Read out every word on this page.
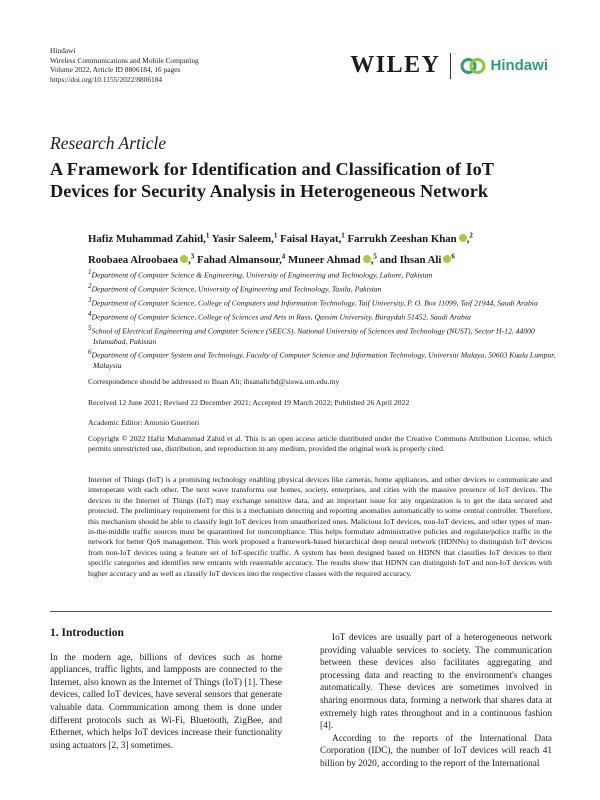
Hindawi
Wireless Communications and Mobile Computing
Volume 2022, Article ID 8806184, 16 pages
https://doi.org/10.1155/2022/8806184
WILEY	Hindawi
Research Article
A Framework for Identification and Classification of IoT Devices for Security Analysis in Heterogeneous Network
Hafiz Muhammad Zahid,$^1$ Yasir Saleem,$^1$ Faisal Hayat,$^1$ Farrukh Zeeshan Khan ,$^2$
Roobaea Alroobaea ,$^3$ Fahad Almansour,$^4$ Muneer Ahmad ,$^5$ and Ihsan Ali $^6$
$^1$Department of Computer Science & Engineering, University of Engineering and Technology, Lahore, Pakistan
$^2$Department of Computer Science, University of Engineering and Technology, Taxila, Pakistan
$^3$Department of Computer Science, College of Computers and Information Technology, Taif University, P. O. Box 11099, Taif 21944, Saudi Arabia
$^4$Department of Computer Science, College of Sciences and Arts in Rass, Qassim University, Buraydah 51452, Saudi Arabia
$^5$School of Electrical Engineering and Computer Science (SEECS), National University of Sciences and Technology (NUST), Sector H-12, 44000 Islamabad, Pakistan
$^6$Department of Computer System and Technology, Faculty of Computer Science and Information Technology, Universiti Malaya, 50603 Kuala Lumpur, Malaysia
Correspondence should be addressed to Ihsan Ali; ihsanalichd@siswa.um.edu.my
Received 12 June 2021; Revised 22 December 2021; Accepted 19 March 2022; Published 26 April 2022
Academic Editor: Antonio Guerrieri
Copyright © 2022 Hafiz Muhammad Zahid et al. This is an open access article distributed under the Creative Commons Attribution License, which permits unrestricted use, distribution, and reproduction in any medium, provided the original work is properly cited.
Internet of Things (IoT) is a promising technology enabling physical devices like cameras, home appliances, and other devices to communicate and interoperate with each other. The next wave transforms our homes, society, enterprises, and cities with the massive presence of IoT devices. The devices in the Internet of Things (IoT) may exchange sensitive data, and an important issue for any organization is to get the data secured and protected. The preliminary requirement for this is a mechanism detecting and reporting anomalies automatically to some central controller. Therefore, this mechanism should be able to classify legit IoT devices from unauthorized ones. Malicious IoT devices, non-IoT devices, and other types of man-in-the-middle traffic sources must be quarantined for noncompliance. This helps formulate administrative policies and regulate/police traffic in the network for better QoS management. This work proposed a framework-based hierarchical deep neural network (HDNNs) to distinguish IoT devices from non-IoT devices using a feature set of IoT-specific traffic. A system has been designed based on HDNN that classifies IoT devices to their specific categories and identifies new entrants with reasonable accuracy. The results show that HDNN can distinguish IoT and non-IoT devices with higher accuracy and as well as classify IoT devices into the respective classes with the required accuracy.
1. Introduction

In the modern age, billions of devices such as home appliances, traffic lights, and lampposts are connected to the Internet, also known as the Internet of Things (IoT) [1]. These devices, called IoT devices, have several sensors that generate valuable data. Communication among them is done under different protocols such as Wi-Fi, Bluetooth, ZigBee, and Ethernet, which helps IoT devices increase their functionality using actuators [2, 3] sometimes.

IoT devices are usually part of a heterogeneous network providing valuable services to society. The communication between these devices also facilitates aggregating and processing data and reacting to the environment's changes automatically. These devices are sometimes involved in sharing enormous data, forming a network that shares data at extremely high rates throughout and in a continuous fashion [4].

According to the reports of the International Data Corporation (IDC), the number of IoT devices will reach 41 billion by 2020, according to the report of the International
